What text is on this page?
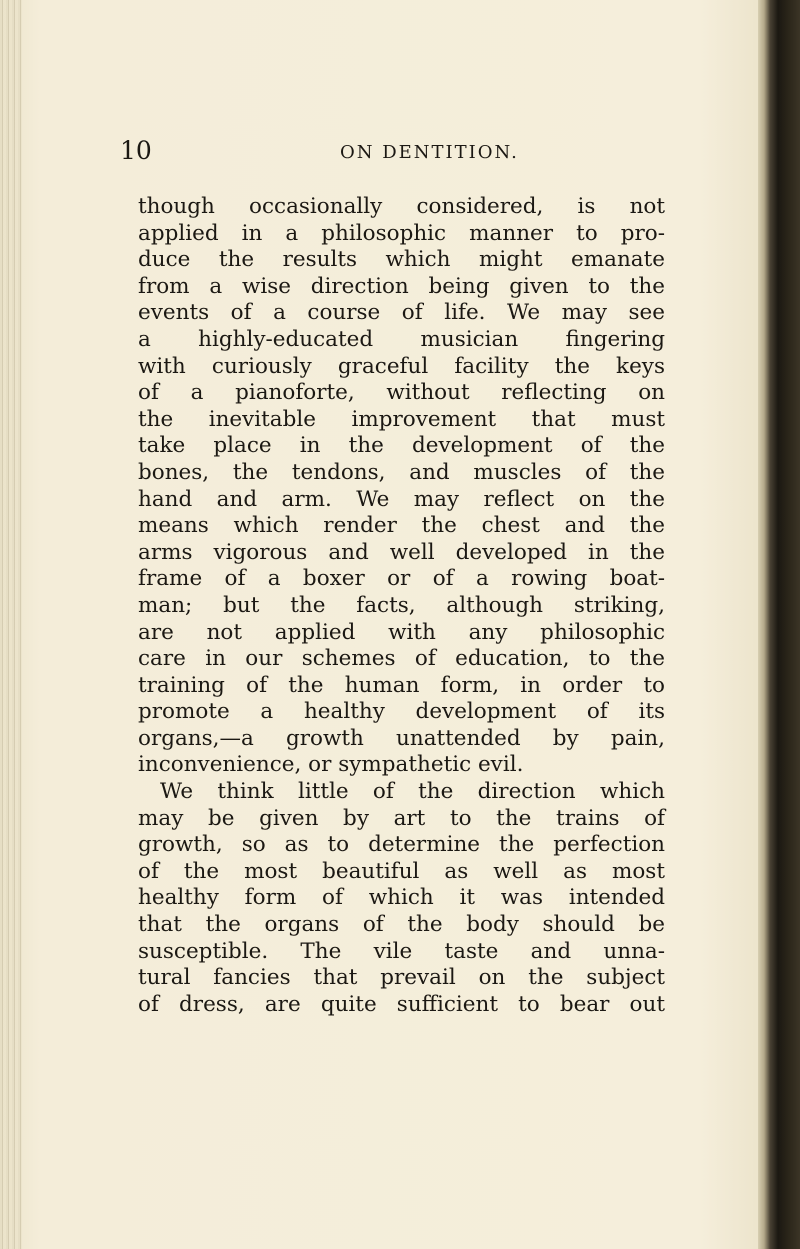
10	ON DENTITION.
though occasionally considered, is not
applied in a philosophic manner to pro-
duce the results which might emanate
from a wise direction being given to the
events of a course of life. We may see
a highly-educated musician fingering
with curiously graceful facility the keys
of a pianoforte, without reflecting on
the inevitable improvement that must
take place in the development of the
bones, the tendons, and muscles of the
hand and arm. We may reflect on the
means which render the chest and the
arms vigorous and well developed in the
frame of a boxer or of a rowing boat-
man; but the facts, although striking,
are not applied with any philosophic
care in our schemes of education, to the
training of the human form, in order to
promote a healthy development of its
organs,—a growth unattended by pain,
inconvenience, or sympathetic evil.
We think little of the direction which
may be given by art to the trains of
growth, so as to determine the perfection
of the most beautiful as well as most
healthy form of which it was intended
that the organs of the body should be
susceptible. The vile taste and unna-
tural fancies that prevail on the subject
of dress, are quite sufficient to bear out
